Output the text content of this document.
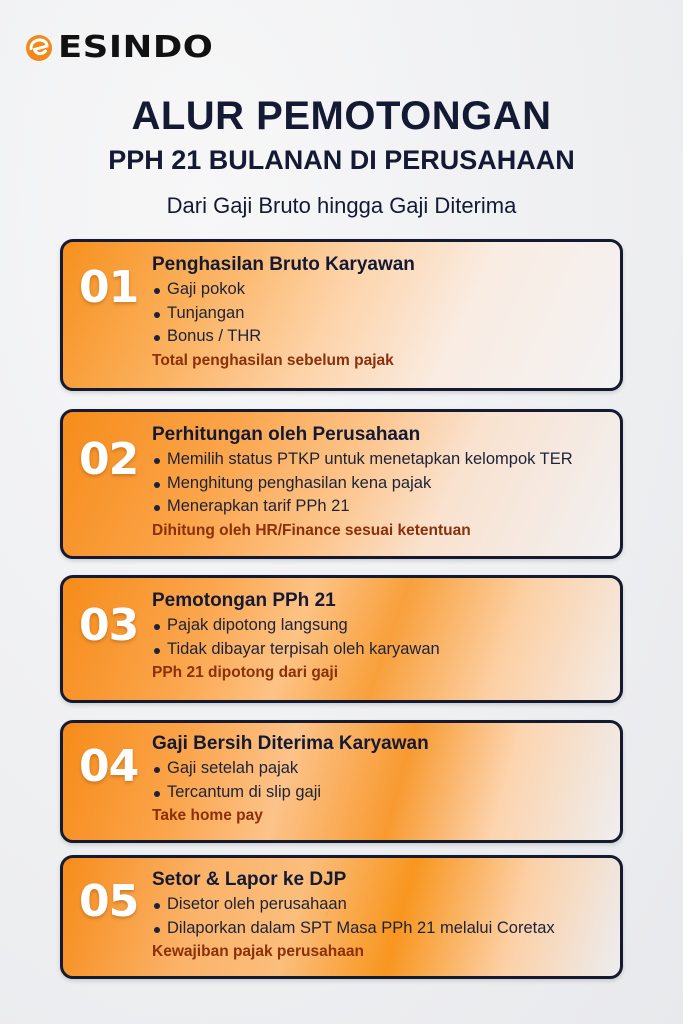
ESINDO
ALUR PEMOTONGAN
PPH 21 BULANAN DI PERUSAHAAN
Dari Gaji Bruto hingga Gaji Diterima
01 Penghasilan Bruto Karyawan
Gaji pokok
Tunjangan
Bonus / THR
Total penghasilan sebelum pajak
02 Perhitungan oleh Perusahaan
Memilih status PTKP untuk menetapkan kelompok TER
Menghitung penghasilan kena pajak
Menerapkan tarif PPh 21
Dihitung oleh HR/Finance sesuai ketentuan
03 Pemotongan PPh 21
Pajak dipotong langsung
Tidak dibayar terpisah oleh karyawan
PPh 21 dipotong dari gaji
04 Gaji Bersih Diterima Karyawan
Gaji setelah pajak
Tercantum di slip gaji
Take home pay
05 Setor & Lapor ke DJP
Disetor oleh perusahaan
Dilaporkan dalam SPT Masa PPh 21 melalui Coretax
Kewajiban pajak perusahaan
